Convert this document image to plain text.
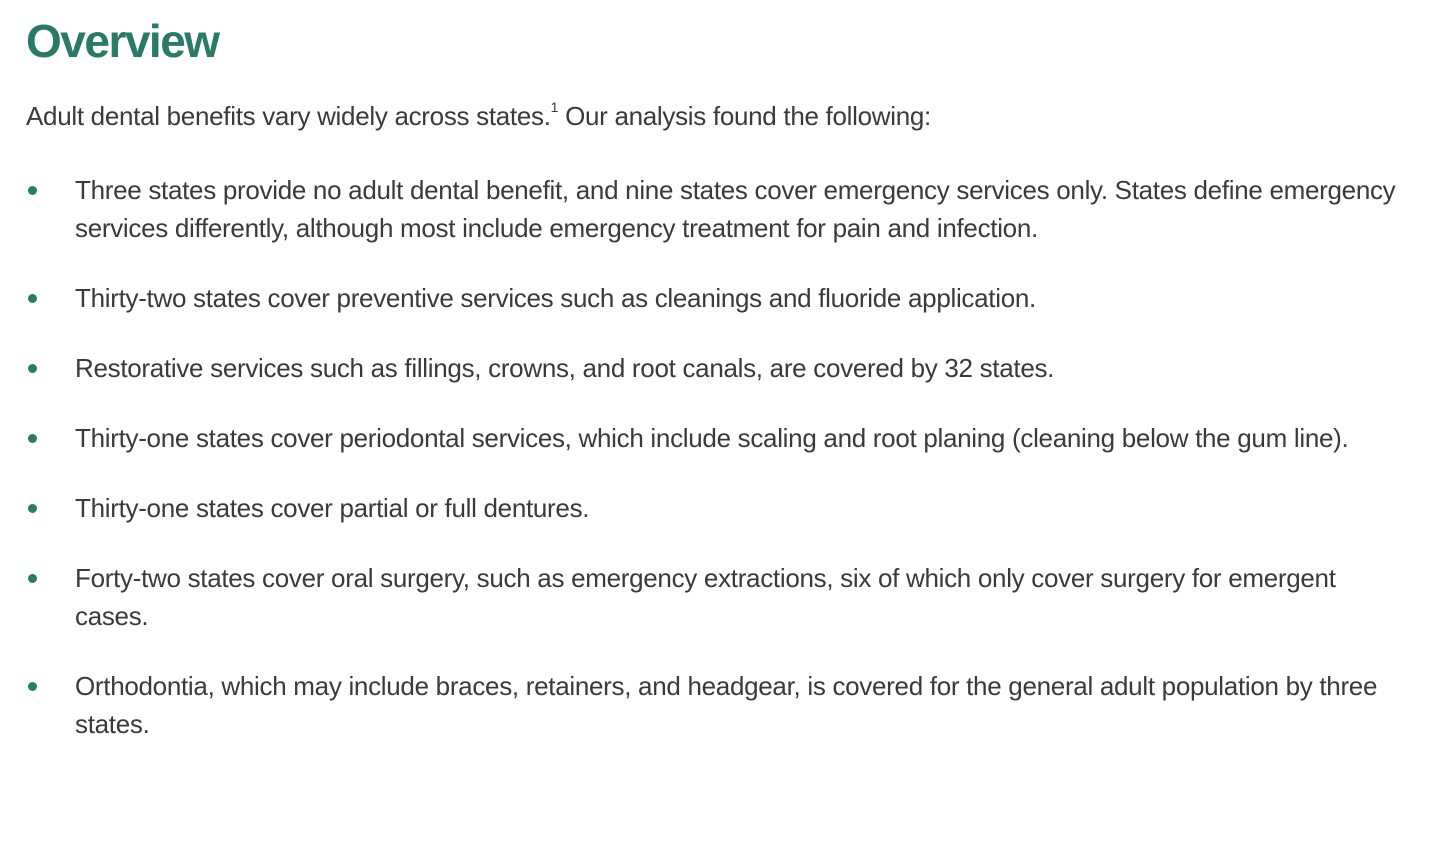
Overview

Adult dental benefits vary widely across states.$^1$ Our analysis found the following:

Three states provide no adult dental benefit, and nine states cover emergency services only. States define emergency services differently, although most include emergency treatment for pain and infection.
Thirty-two states cover preventive services such as cleanings and fluoride application.
Restorative services such as fillings, crowns, and root canals, are covered by 32 states.
Thirty-one states cover periodontal services, which include scaling and root planing (cleaning below the gum line).
Thirty-one states cover partial or full dentures.
Forty-two states cover oral surgery, such as emergency extractions, six of which only cover surgery for emergent cases.
Orthodontia, which may include braces, retainers, and headgear, is covered for the general adult population by three states.
